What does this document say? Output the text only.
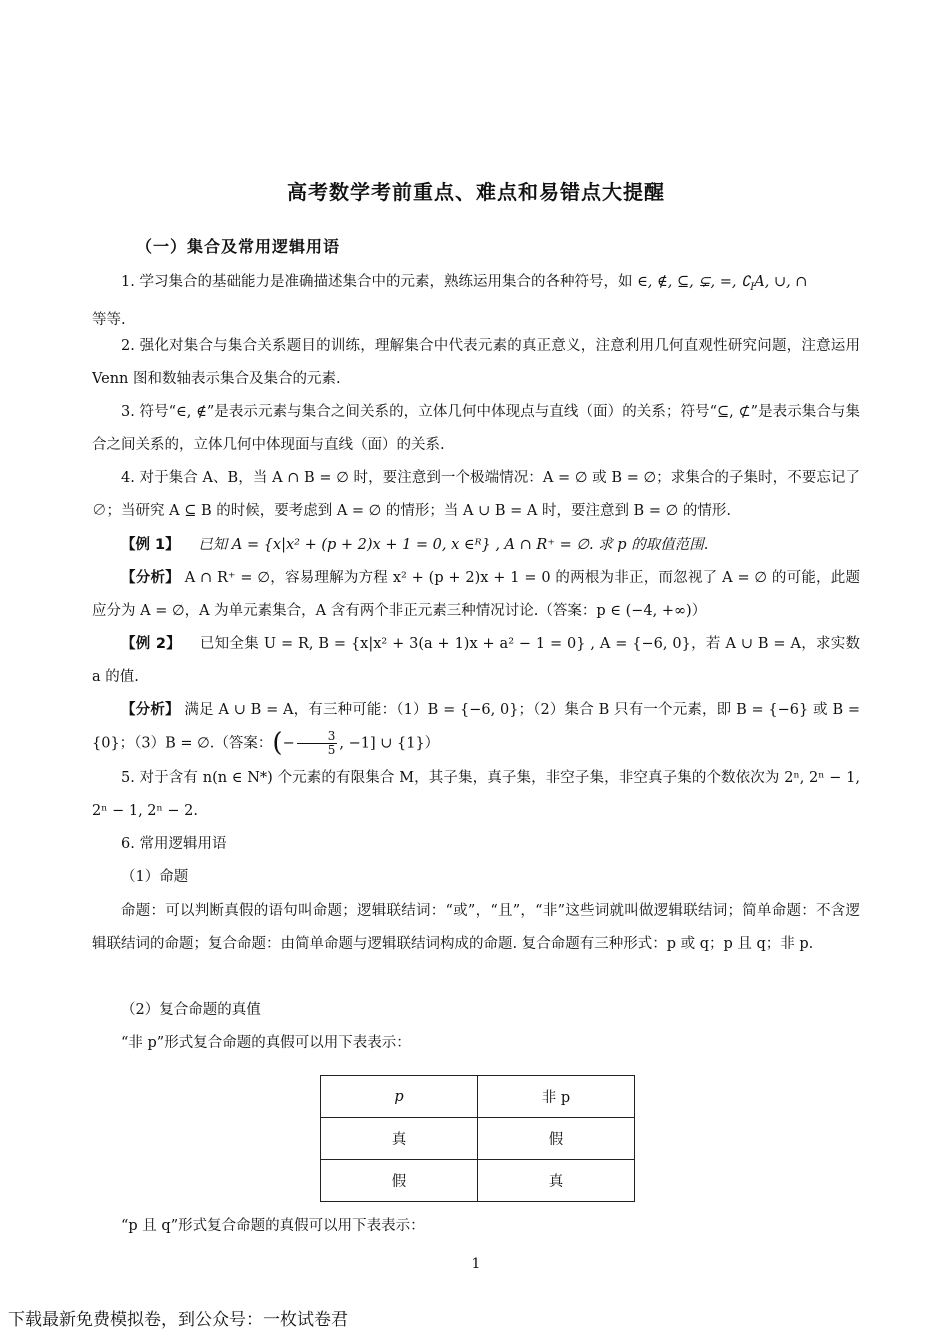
高考数学考前重点、难点和易错点大提醒
（一）集合及常用逻辑用语
1. 学习集合的基础能力是准确描述集合中的元素，熟练运用集合的各种符号，如 ∈, ∉, ⊆, ⊊, =, $∁_IA$, ∪, ∩
等等.
2. 强化对集合与集合关系题目的训练，理解集合中代表元素的真正意义，注意利用几何直观性研究问题，注意运用 Venn 图和数轴表示集合及集合的元素.
3. 符号“∈, ∉”是表示元素与集合之间关系的，立体几何中体现点与直线（面）的关系；符号“⊆, ⊄”是表示集合与集合之间关系的，立体几何中体现面与直线（面）的关系.
4. 对于集合 A、B，当 A ∩ B = ∅ 时，要注意到一个极端情况：A = ∅ 或 B = ∅；求集合的子集时，不要忘记了 ∅；当研究 A ⊆ B 的时候，要考虑到 A = ∅ 的情形；当 A ∪ B = A 时，要注意到 B = ∅ 的情形.
【例 1】 已知 A = {x|x² + (p + 2)x + 1 = 0, x ∈ᴿ} , A ∩ R⁺ = ∅. 求 p 的取值范围.
【分析】 A ∩ R⁺ = ∅，容易理解为方程 x² + (p + 2)x + 1 = 0 的两根为非正，而忽视了 A = ∅ 的可能，此题应分为 A = ∅，A 为单元素集合，A 含有两个非正元素三种情况讨论.（答案：p ∈ (−4, +∞)）
【例 2】 已知全集 U = R, B = {x|x² + 3(a + 1)x + a² − 1 = 0} , A = {−6, 0}，若 A ∪ B = A，求实数 a 的值.
【分析】 满足 A ∪ B = A，有三种可能：（1）B = {−6, 0}；（2）集合 B 只有一个元素，即 B = {−6} 或 B = {0}；（3）B = ∅.（答案：(− $\frac{3}{5}$ , −1] ∪ {1}）
5. 对于含有 n(n ∈ N*) 个元素的有限集合 M，其子集，真子集，非空子集，非空真子集的个数依次为 2ⁿ, 2ⁿ − 1, 2ⁿ − 1, 2ⁿ − 2.
6. 常用逻辑用语
（1）命题
命题：可以判断真假的语句叫命题；逻辑联结词：“或”，“且”，“非”这些词就叫做逻辑联结词；简单命题：不含逻辑联结词的命题；复合命题：由简单命题与逻辑联结词构成的命题. 复合命题有三种形式：p 或 q；p 且 q；非 p.
（2）复合命题的真值
“非 p”形式复合命题的真假可以用下表表示：
p	非 p
真	假
假	真
“p 且 q”形式复合命题的真假可以用下表表示：
1
下载最新免费模拟卷，到公众号：一枚试卷君
